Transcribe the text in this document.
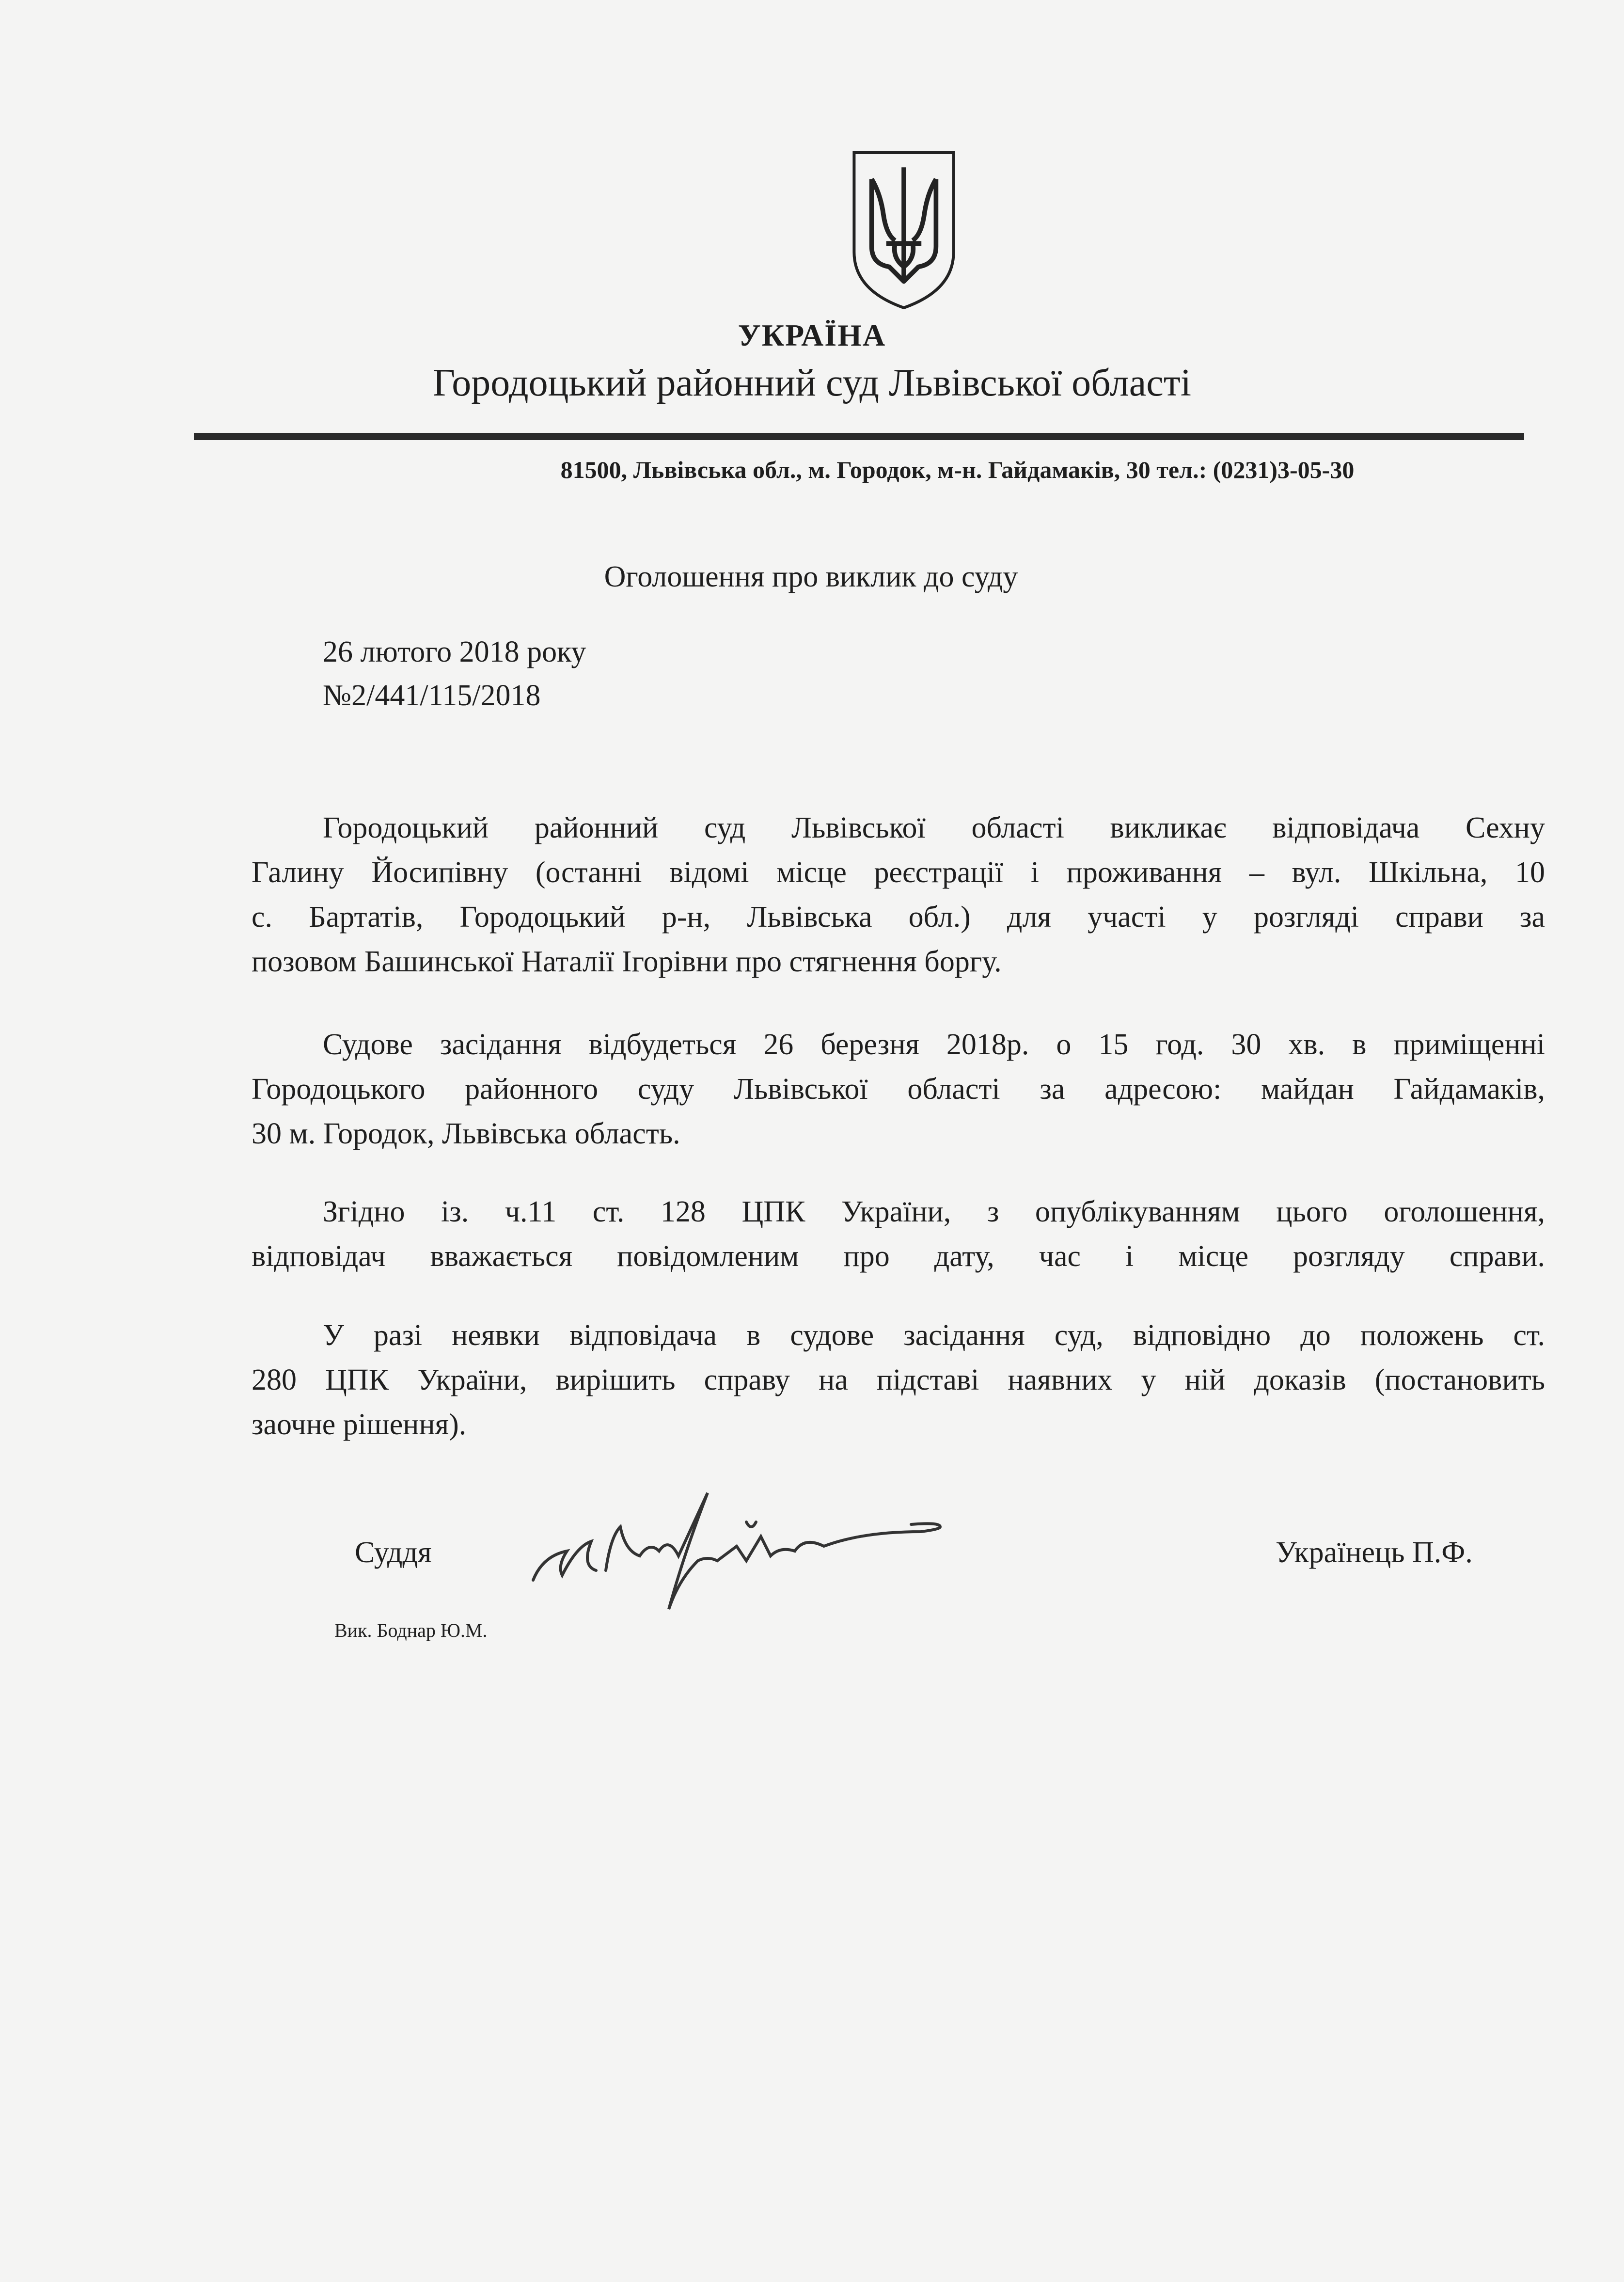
УКРАЇНА
Городоцький районний суд Львівської області
81500, Львівська обл., м. Городок, м-н. Гайдамаків, 30 тел.: (0231)3-05-30
Оголошення про виклик до суду
26 лютого 2018 року
№2/441/115/2018
Городоцький районний суд Львівської області викликає відповідача Сехну
Галину Йосипівну (останні відомі місце реєстрації і проживання – вул. Шкільна, 10
с. Бартатів, Городоцький р-н, Львівська обл.) для участі у розгляді справи за
позовом Башинської Наталії Ігорівни про стягнення боргу.
Судове засідання відбудеться 26 березня 2018р. о 15 год. 30 хв. в приміщенні
Городоцького районного суду Львівської області за адресою: майдан Гайдамаків,
30 м. Городок, Львівська область.
Згідно із. ч.11 ст. 128 ЦПК України, з опублікуванням цього оголошення,
відповідач вважається повідомленим про дату, час і місце розгляду справи.
У разі неявки відповідача в судове засідання суд, відповідно до положень ст.
280 ЦПК України, вирішить справу на підставі наявних у ній доказів (постановить
заочне рішення).
Суддя	Українець П.Ф.
Вик. Боднар Ю.М.
